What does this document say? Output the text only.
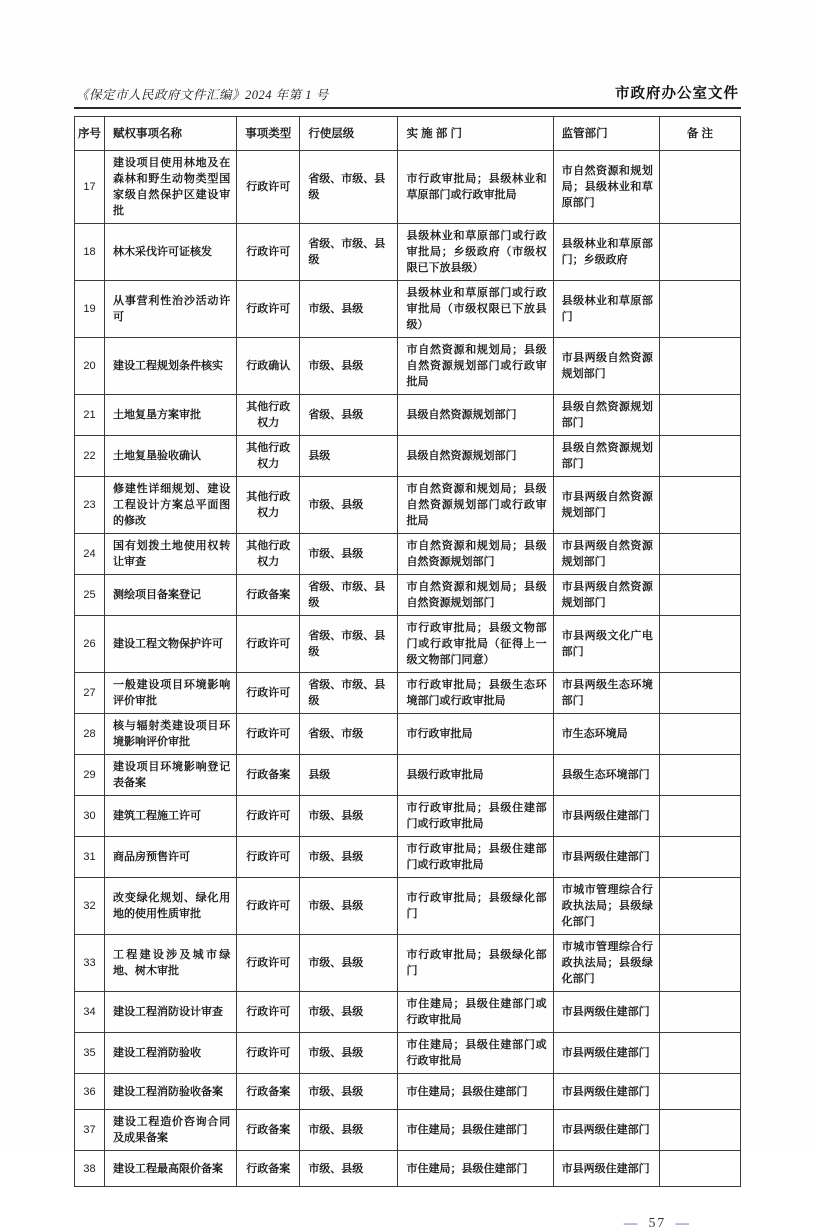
《保定市人民政府文件汇编》2024 年第 1 号	市政府办公室文件
序号	赋权事项名称	事项类型	行使层级	实 施 部 门	监管部门	备 注
17	建设项目使用林地及在森林和野生动物类型国家级自然保护区建设审批	行政许可	省级、市级、县级	市行政审批局；县级林业和草原部门或行政审批局	市自然资源和规划局；县级林业和草原部门	
18	林木采伐许可证核发	行政许可	省级、市级、县级	县级林业和草原部门或行政审批局；乡级政府（市级权限已下放县级）	县级林业和草原部门；乡级政府	
19	从事营利性治沙活动许可	行政许可	市级、县级	县级林业和草原部门或行政审批局（市级权限已下放县级）	县级林业和草原部门	
20	建设工程规划条件核实	行政确认	市级、县级	市自然资源和规划局；县级自然资源规划部门或行政审批局	市县两级自然资源规划部门	
21	土地复垦方案审批	其他行政权力	省级、县级	县级自然资源规划部门	县级自然资源规划部门	
22	土地复垦验收确认	其他行政权力	县级	县级自然资源规划部门	县级自然资源规划部门	
23	修建性详细规划、建设工程设计方案总平面图的修改	其他行政权力	市级、县级	市自然资源和规划局；县级自然资源规划部门或行政审批局	市县两级自然资源规划部门	
24	国有划拨土地使用权转让审查	其他行政权力	市级、县级	市自然资源和规划局；县级自然资源规划部门	市县两级自然资源规划部门	
25	测绘项目备案登记	行政备案	省级、市级、县级	市自然资源和规划局；县级自然资源规划部门	市县两级自然资源规划部门	
26	建设工程文物保护许可	行政许可	省级、市级、县级	市行政审批局；县级文物部门或行政审批局（征得上一级文物部门同意）	市县两级文化广电部门	
27	一般建设项目环境影响评价审批	行政许可	省级、市级、县级	市行政审批局；县级生态环境部门或行政审批局	市县两级生态环境部门	
28	核与辐射类建设项目环境影响评价审批	行政许可	省级、市级	市行政审批局	市生态环境局	
29	建设项目环境影响登记表备案	行政备案	县级	县级行政审批局	县级生态环境部门	
30	建筑工程施工许可	行政许可	市级、县级	市行政审批局；县级住建部门或行政审批局	市县两级住建部门	
31	商品房预售许可	行政许可	市级、县级	市行政审批局；县级住建部门或行政审批局	市县两级住建部门	
32	改变绿化规划、绿化用地的使用性质审批	行政许可	市级、县级	市行政审批局；县级绿化部门	市城市管理综合行政执法局；县级绿化部门	
33	工程建设涉及城市绿地、树木审批	行政许可	市级、县级	市行政审批局；县级绿化部门	市城市管理综合行政执法局；县级绿化部门	
34	建设工程消防设计审查	行政许可	市级、县级	市住建局；县级住建部门或行政审批局	市县两级住建部门	
35	建设工程消防验收	行政许可	市级、县级	市住建局；县级住建部门或行政审批局	市县两级住建部门	
36	建设工程消防验收备案	行政备案	市级、县级	市住建局；县级住建部门	市县两级住建部门	
37	建设工程造价咨询合同及成果备案	行政备案	市级、县级	市住建局；县级住建部门	市县两级住建部门	
38	建设工程最高限价备案	行政备案	市级、县级	市住建局；县级住建部门	市县两级住建部门	
— 57 —
